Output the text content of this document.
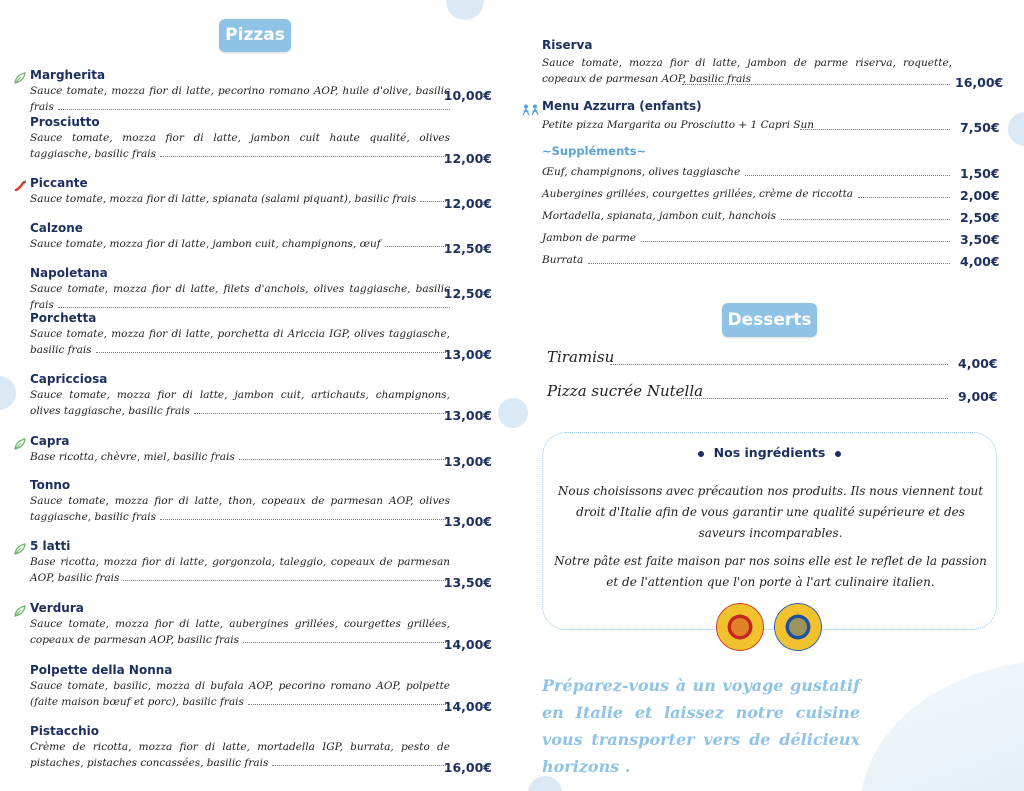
Pizzas
Margherita
Sauce tomate, mozza fior di latte, pecorino romano AOP, huile d'olive, basilic frais
10,00€
Prosciutto
Sauce tomate, mozza fior di latte, jambon cuit haute qualité, olives taggiasche, basilic frais	12,00€
Piccante
Sauce tomate, mozza fior di latte, spianata (salami piquant), basilic frais	12,00€
Calzone
Sauce tomate, mozza fior di latte, jambon cuit, champignons, œuf	12,50€
Napoletana
Sauce tomate, mozza fior di latte, filets d'anchois, olives taggiasche, basilic frais
12,50€
Porchetta
Sauce tomate, mozza fior di latte, porchetta di Ariccia IGP, olives taggiasche, basilic frais	13,00€
Capricciosa
Sauce tomate, mozza fior di latte, jambon cuit, artichauts, champignons, olives taggiasche, basilic frais	13,00€
Capra
Base ricotta, chèvre, miel, basilic frais	13,00€
Tonno
Sauce tomate, mozza fior di latte, thon, copeaux de parmesan AOP, olives taggiasche, basilic frais	13,00€
5 latti
Base ricotta, mozza fior di latte, gorgonzola, taleggio, copeaux de parmesan AOP, basilic frais	13,50€
Verdura
Sauce tomate, mozza fior di latte, aubergines grillées, courgettes grillées, copeaux de parmesan AOP, basilic frais	14,00€
Polpette della Nonna
Sauce tomate, basilic, mozza di bufala AOP, pecorino romano AOP, polpette (faite maison bœuf et porc), basilic frais	14,00€
Pistacchio
Crème de ricotta, mozza fior di latte, mortadella IGP, burrata, pesto de pistaches, pistaches concassées, basilic frais	16,00€
Riserva
Sauce tomate, mozza fior di latte, jambon de parme riserva, roquette, copeaux de parmesan AOP, basilic frais	16,00€
Menu Azzurra (enfants)
Petite pizza Margarita ou Prosciutto + 1 Capri Sun	7,50€
~Suppléments~
Desserts
Tiramisu	4,00€
Pizza sucrée Nutella	9,00€
Nos ingrédients
Nous choisissons avec précaution nos produits. Ils nous viennent tout droit d'Italie afin de vous garantir une qualité supérieure et des saveurs incomparables.
Notre pâte est faite maison par nos soins elle est le reflet de la passion et de l'attention que l'on porte à l'art culinaire italien.
Préparez-vous à un voyage gustatif en Italie et laissez notre cuisine vous transporter vers de délicieux horizons .
Œuf, champignons, olives taggiasche	1,50€
Aubergines grillées, courgettes grillées, crème de riccotta	2,00€
Mortadella, spianata, jambon cuit, hanchois	2,50€
Jambon de parme	3,50€
Burrata	4,00€
